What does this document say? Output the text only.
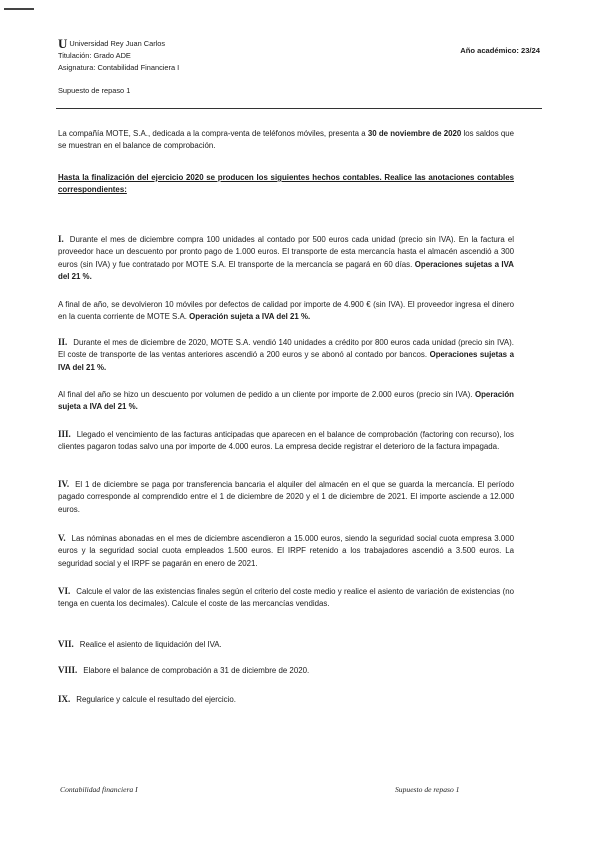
U Universidad Rey Juan Carlos
Titulación: Grado ADE
Asignatura: Contabilidad Financiera I
Supuesto de repaso 1
Año académico: 23/24
La compañía MOTE, S.A., dedicada a la compra-venta de teléfonos móviles, presenta a 30 de noviembre de 2020 los saldos que se muestran en el balance de comprobación.
Hasta la finalización del ejercicio 2020 se producen los siguientes hechos contables. Realice las anotaciones contables correspondientes:
I. Durante el mes de diciembre compra 100 unidades al contado por 500 euros cada unidad (precio sin IVA). En la factura el proveedor hace un descuento por pronto pago de 1.000 euros. El transporte de esta mercancía hasta el almacén ascendió a 300 euros (sin IVA) y fue contratado por MOTE S.A. El transporte de la mercancía se pagará en 60 días. Operaciones sujetas a IVA del 21 %.
A final de año, se devolvieron 10 móviles por defectos de calidad por importe de 4.900 € (sin IVA). El proveedor ingresa el dinero en la cuenta corriente de MOTE S.A. Operación sujeta a IVA del 21 %.
II. Durante el mes de diciembre de 2020, MOTE S.A. vendió 140 unidades a crédito por 800 euros cada unidad (precio sin IVA). El coste de transporte de las ventas anteriores ascendió a 200 euros y se abonó al contado por bancos. Operaciones sujetas a IVA del 21 %.
Al final del año se hizo un descuento por volumen de pedido a un cliente por importe de 2.000 euros (precio sin IVA). Operación sujeta a IVA del 21 %.
III. Llegado el vencimiento de las facturas anticipadas que aparecen en el balance de comprobación (factoring con recurso), los clientes pagaron todas salvo una por importe de 4.000 euros. La empresa decide registrar el deterioro de la factura impagada.
IV. El 1 de diciembre se paga por transferencia bancaria el alquiler del almacén en el que se guarda la mercancía. El período pagado corresponde al comprendido entre el 1 de diciembre de 2020 y el 1 de diciembre de 2021. El importe asciende a 12.000 euros.
V. Las nóminas abonadas en el mes de diciembre ascendieron a 15.000 euros, siendo la seguridad social cuota empresa 3.000 euros y la seguridad social cuota empleados 1.500 euros. El IRPF retenido a los trabajadores ascendió a 3.500 euros. La seguridad social y el IRPF se pagarán en enero de 2021.
VI. Calcule el valor de las existencias finales según el criterio del coste medio y realice el asiento de variación de existencias (no tenga en cuenta los decimales). Calcule el coste de las mercancías vendidas.
VII. Realice el asiento de liquidación del IVA.
VIII. Elabore el balance de comprobación a 31 de diciembre de 2020.
IX. Regularice y calcule el resultado del ejercicio.
Contabilidad financiera I	Supuesto de repaso 1
